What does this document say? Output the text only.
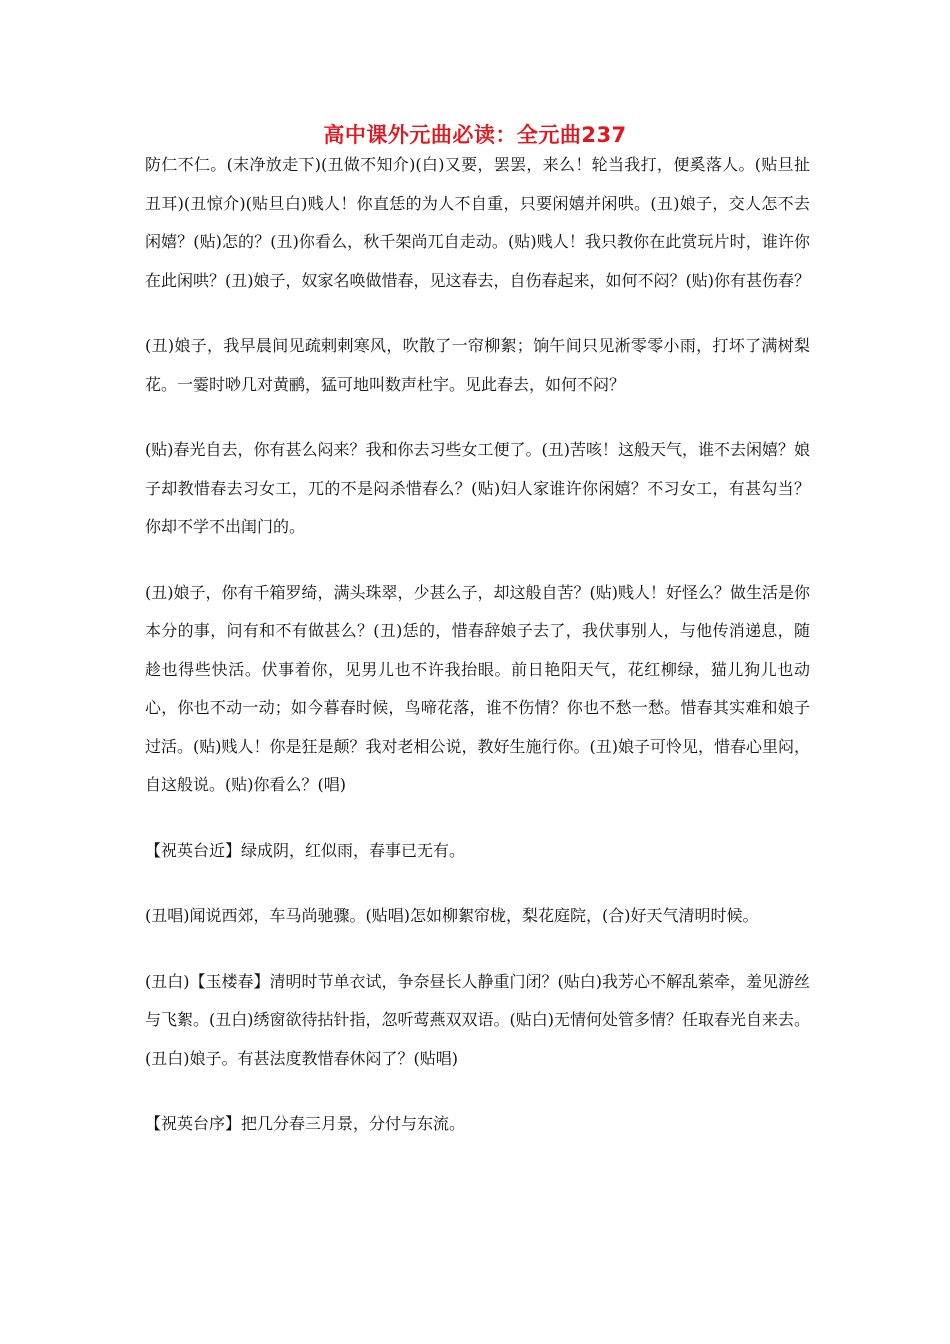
高中课外元曲必读：全元曲237

防仁不仁。(末净放走下)(丑做不知介)(白)又要，罢罢，来么！轮当我打，便奚落人。(贴旦扯丑耳)(丑惊介)(贴旦白)贱人！你直恁的为人不自重，只要闲嬉并闲哄。(丑)娘子，交人怎不去闲嬉？(贴)怎的？(丑)你看么，秋千架尚兀自走动。(贴)贱人！我只教你在此赏玩片时，谁许你在此闲哄？(丑)娘子，奴家名唤做惜春，见这春去，自伤春起来，如何不闷？(贴)你有甚伤春？

(丑)娘子，我早晨间见疏剌剌寒风，吹散了一帘柳絮；饷午间只见淅零零小雨，打坏了满树梨花。一霎时唦几对黄鹂，猛可地叫数声杜宇。见此春去，如何不闷？

(贴)春光自去，你有甚么闷来？我和你去习些女工便了。(丑)苦咳！这般天气，谁不去闲嬉？娘子却教惜春去习女工，兀的不是闷杀惜春么？(贴)妇人家谁许你闲嬉？不习女工，有甚勾当？你却不学不出闺门的。

(丑)娘子，你有千箱罗绮，满头珠翠，少甚么子，却这般自苦？(贴)贱人！好怪么？做生活是你本分的事，问有和不有做甚么？(丑)恁的，惜春辞娘子去了，我伏事别人，与他传消递息，随趁也得些快活。伏事着你，见男儿也不许我抬眼。前日艳阳天气，花红柳绿，猫儿狗儿也动心，你也不动一动；如今暮春时候，鸟啼花落，谁不伤情？你也不愁一愁。惜春其实难和娘子过活。(贴)贱人！你是狂是颠？我对老相公说，教好生施行你。(丑)娘子可怜见，惜春心里闷，自这般说。(贴)你看么？(唱)

【祝英台近】绿成阴，红似雨，春事已无有。

(丑唱)闻说西郊，车马尚驰骤。(贴唱)怎如柳絮帘栊，梨花庭院，(合)好天气清明时候。

(丑白)【玉楼春】清明时节单衣试，争奈昼长人静重门闭？(贴白)我芳心不解乱萦牵，羞见游丝与飞絮。(丑白)绣窗欲待拈针指，忽听莺燕双双语。(贴白)无情何处管多情？任取春光自来去。(丑白)娘子。有甚法度教惜春休闷了？(贴唱)

【祝英台序】把几分春三月景，分付与东流。
